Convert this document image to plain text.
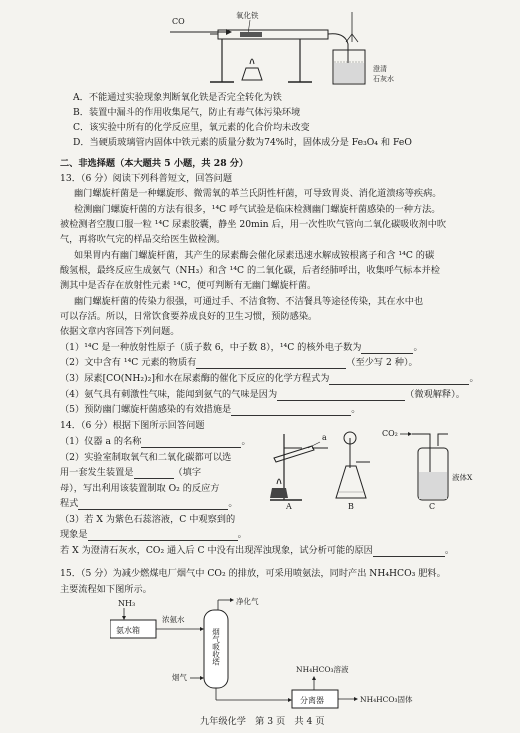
CO
氧化铁
澄清
石灰水
A．不能通过实验现象判断氧化铁是否完全转化为铁
B．装置中漏斗的作用收集尾气，防止有毒气体污染环境
C．该实验中所有的化学反应里，氧元素的化合价均未改变
D．当硬质玻璃管内固体中铁元素的质量分数为74%时，固体成分是 Fe₃O₄ 和 FeO
二、非选择题（本大题共 5 小题，共 28 分）
13．（6 分）阅读下列科普短文，回答问题
幽门螺旋杆菌是一种螺旋形、微需氧的革兰氏阴性杆菌，可导致胃炎、消化道溃疡等疾病。
检测幽门螺旋杆菌的方法有很多，¹⁴C 呼气试验是临床检测幽门螺旋杆菌感染的一种方法。
被检测者空腹口服一粒 ¹⁴C 尿素胶囊，静坐 20min 后，用一次性吹气管向二氧化碳吸收剂中吹
气，再将吹气完的样品交给医生做检测。
如果胃内有幽门螺旋杆菌，其产生的尿素酶会催化尿素迅速水解成铵根离子和含 ¹⁴C 的碳
酸氢根，最终反应生成氨气（NH₃）和含 ¹⁴C 的二氧化碳，后者经肺呼出，收集呼气标本并检
测其中是否存在放射性元素 ¹⁴C，便可判断有无幽门螺旋杆菌。
幽门螺旋杆菌的传染力很强，可通过手、不洁食物、不洁餐具等途径传染，其在水中也
可以存活。所以，日常饮食要养成良好的卫生习惯，预防感染。
依据文章内容回答下列问题。
（1）¹⁴C 是一种放射性原子（质子数 6，中子数 8），¹⁴C 的核外电子数为	。
（2）文中含有 ¹⁴C 元素的物质有	（至少写 2 种）。
（3）尿素[CO(NH₂)₂]和水在尿素酶的催化下反应的化学方程式为	。
（4）氨气具有刺激性气味，能闻到氨气的气味是因为	（微观解释）。
（5）预防幽门螺旋杆菌感染的有效措施是	。
14．（6 分）根据下图所示回答问题
（1）仪器 a 的名称	。
（2）实验室制取氧气和二氧化碳都可以选
用一套发生装置是	（填字
母），写出利用该装置制取 O₂ 的反应方
程式	。
（3）若 X 为紫色石蕊溶液，C 中观察到的
现象是	。
若 X 为澄清石灰水，CO₂ 通入后 C 中没有出现浑浊现象，试分析可能的原因	。
a
A	B
CO₂
液体X
C
15．（5 分）为减少燃煤电厂烟气中 CO₂ 的排放，可采用喷氨法，同时产出 NH₄HCO₃ 肥料。
主要流程如下图所示。
NH₃
氨水箱
浓氨水
烟气吸收塔
净化气
烟气
分离器
NH₄HCO₃溶液
NH₄HCO₃固体
九年级化学　第 3 页　共 4 页
